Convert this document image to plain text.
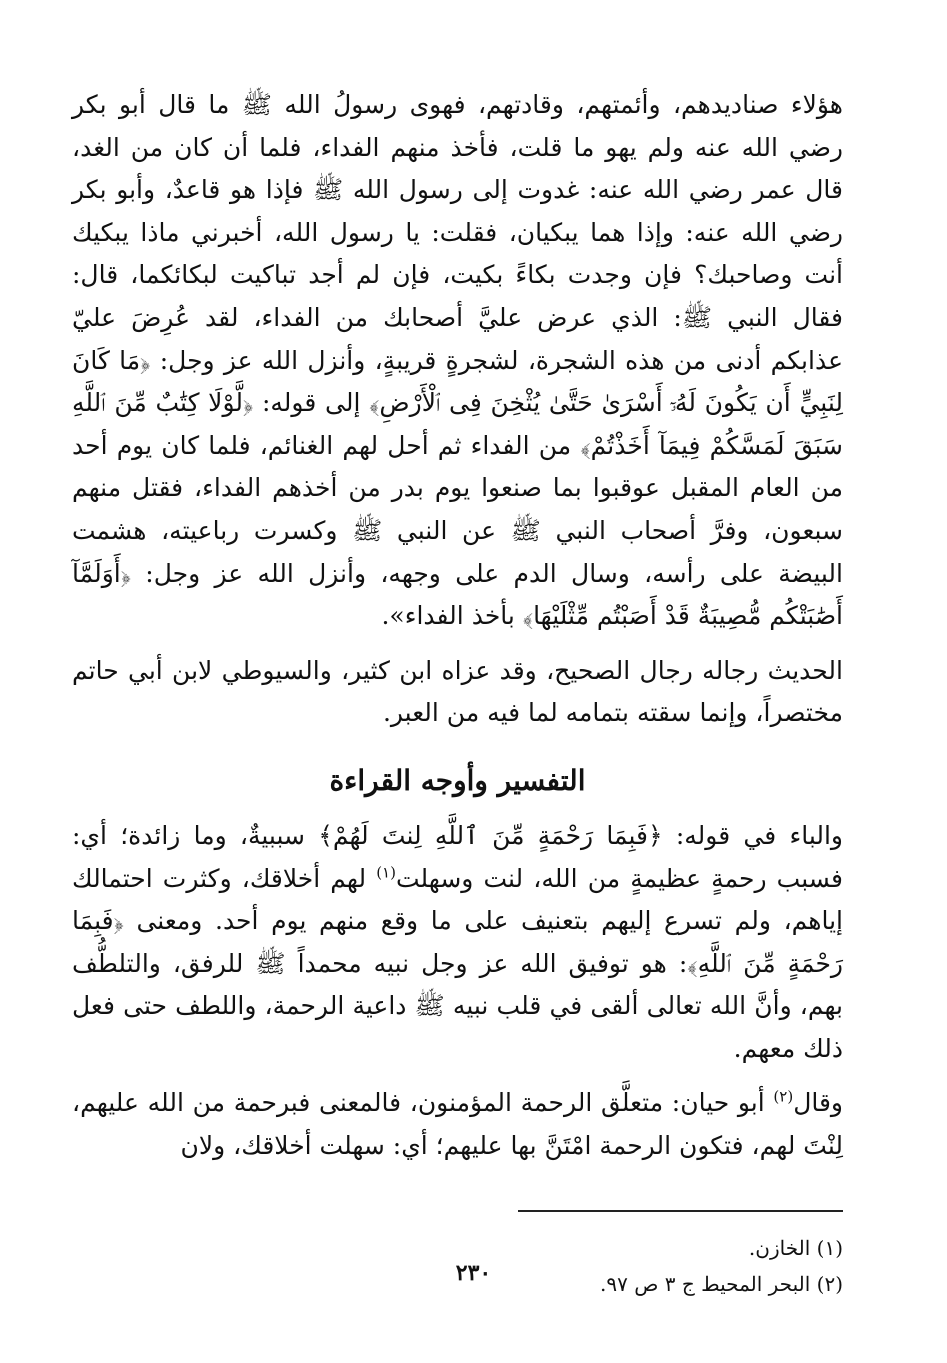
هؤلاء صناديدهم، وأئمتهم، وقادتهم، فهوى رسولُ الله ﷺ ما قال أبو بكر رضي الله عنه ولم يهو ما قلت، فأخذ منهم الفداء، فلما أن كان من الغد، قال عمر رضي الله عنه: غدوت إلى رسول الله ﷺ فإذا هو قاعدٌ، وأبو بكر رضي الله عنه: وإذا هما يبكيان، فقلت: يا رسول الله، أخبرني ماذا يبكيك أنت وصاحبك؟ فإن وجدت بكاءً بكيت، فإن لم أجد تباكيت لبكائكما، قال: فقال النبي ﷺ: الذي عرض عليَّ أصحابك من الفداء، لقد عُرِضَ عليّ عذابكم أدنى من هذه الشجرة، لشجرةٍ قريبةٍ، وأنزل الله عز وجل: ﴿مَا كَانَ لِنَبِيٍّ أَن يَكُونَ لَهُۥٓ أَسْرَىٰ حَتَّىٰ يُثْخِنَ فِى ٱلْأَرْضِ﴾ إلى قوله: ﴿لَّوْلَا كِتَٰبٌ مِّنَ ٱللَّهِ سَبَقَ لَمَسَّكُمْ فِيمَآ أَخَذْتُمْ﴾ من الفداء ثم أحل لهم الغنائم، فلما كان يوم أحد من العام المقبل عوقبوا بما صنعوا يوم بدر من أخذهم الفداء، فقتل منهم سبعون، وفرَّ أصحاب النبي ﷺ عن النبي ﷺ وكسرت رباعيته، هشمت البيضة على رأسه، وسال الدم على وجهه، وأنزل الله عز وجل: ﴿أَوَلَمَّآ أَصَٰبَتْكُم مُّصِيبَةٌ قَدْ أَصَبْتُم مِّثْلَيْهَا﴾ بأخذ الفداء».

الحديث رجاله رجال الصحيح، وقد عزاه ابن كثير، والسيوطي لابن أبي حاتم مختصراً، وإنما سقته بتمامه لما فيه من العبر.

التفسير وأوجه القراءة

والباء في قوله: ﴿فَبِمَا رَحْمَةٍ مِّنَ ٱللَّهِ لِنتَ لَهُمْ﴾ سببيةٌ، وما زائدة؛ أي: فسبب رحمةٍ عظيمةٍ من الله، لنت وسهلت$^{(١)}$ لهم أخلاقك، وكثرت احتمالك إياهم، ولم تسرع إليهم بتعنيف على ما وقع منهم يوم أحد. ومعنى ﴿فَبِمَا رَحْمَةٍ مِّنَ ٱللَّهِ﴾: هو توفيق الله عز وجل نبيه محمداً ﷺ للرفق، والتلطُّف بهم، وأنَّ الله تعالى ألقى في قلب نبيه ﷺ داعية الرحمة، واللطف حتى فعل ذلك معهم.

وقال$^{(٢)}$ أبو حيان: متعلَّق الرحمة المؤمنون، فالمعنى فبرحمة من الله عليهم، لِنْتَ لهم، فتكون الرحمة امْتَنَّ بها عليهم؛ أي: سهلت أخلاقك، ولان

(١) الخازن.

(٢) البحر المحيط ج ٣ ص ٩٧.

٢٣٠
